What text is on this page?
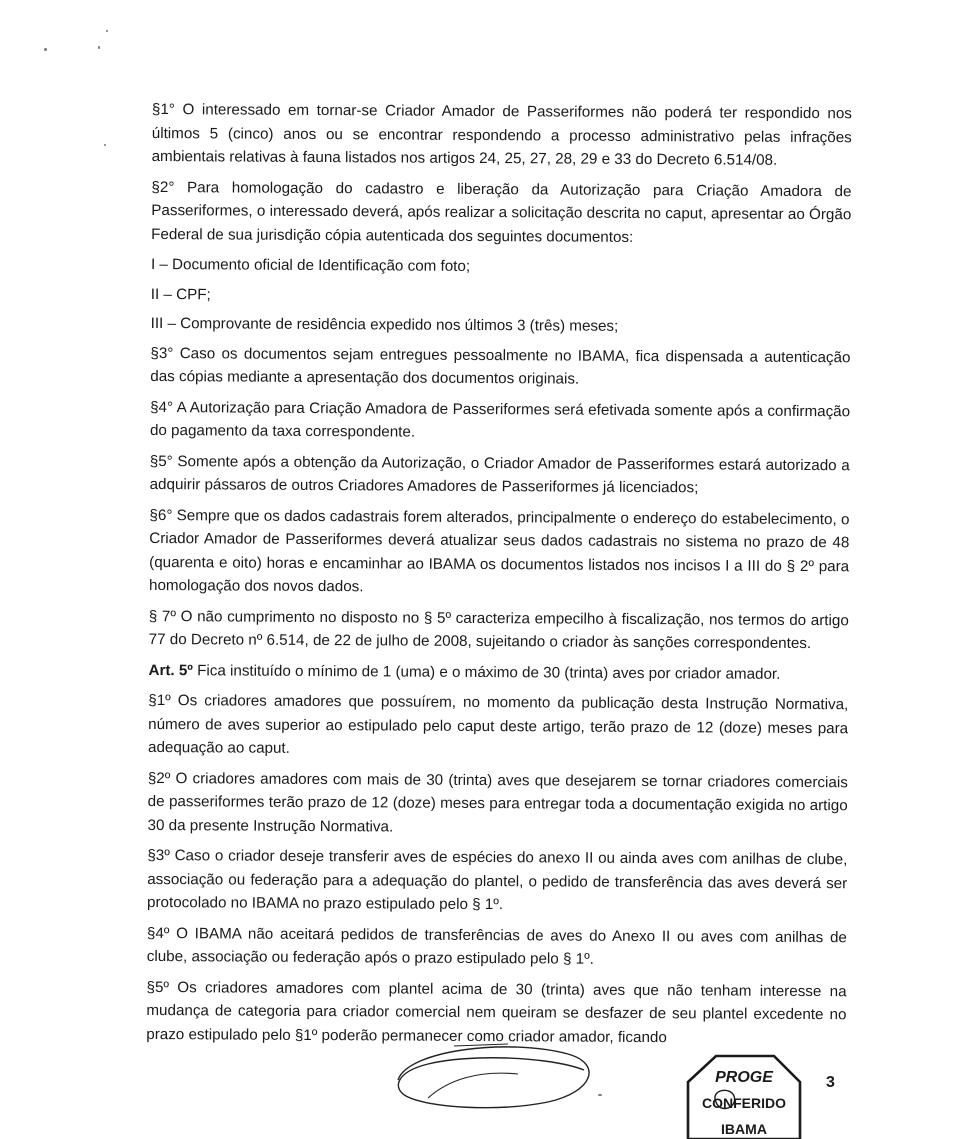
§1° O interessado em tornar-se Criador Amador de Passeriformes não poderá ter respondido nos últimos 5 (cinco) anos ou se encontrar respondendo a processo administrativo pelas infrações ambientais relativas à fauna listados nos artigos 24, 25, 27, 28, 29 e 33 do Decreto 6.514/08.

§2° Para homologação do cadastro e liberação da Autorização para Criação Amadora de Passeriformes, o interessado deverá, após realizar a solicitação descrita no caput, apresentar ao Órgão Federal de sua jurisdição cópia autenticada dos seguintes documentos:

I – Documento oficial de Identificação com foto;

II – CPF;

III – Comprovante de residência expedido nos últimos 3 (três) meses;

§3° Caso os documentos sejam entregues pessoalmente no IBAMA, fica dispensada a autenticação das cópias mediante a apresentação dos documentos originais.

§4° A Autorização para Criação Amadora de Passeriformes será efetivada somente após a confirmação do pagamento da taxa correspondente.

§5° Somente após a obtenção da Autorização, o Criador Amador de Passeriformes estará autorizado a adquirir pássaros de outros Criadores Amadores de Passeriformes já licenciados;

§6° Sempre que os dados cadastrais forem alterados, principalmente o endereço do estabelecimento, o Criador Amador de Passeriformes deverá atualizar seus dados cadastrais no sistema no prazo de 48 (quarenta e oito) horas e encaminhar ao IBAMA os documentos listados nos incisos I a III do § 2º para homologação dos novos dados.

§ 7º O não cumprimento no disposto no § 5º caracteriza empecilho à fiscalização, nos termos do artigo 77 do Decreto nº 6.514, de 22 de julho de 2008, sujeitando o criador às sanções correspondentes.

Art. 5º Fica instituído o mínimo de 1 (uma) e o máximo de 30 (trinta) aves por criador amador.

§1º Os criadores amadores que possuírem, no momento da publicação desta Instrução Normativa, número de aves superior ao estipulado pelo caput deste artigo, terão prazo de 12 (doze) meses para adequação ao caput.

§2º O criadores amadores com mais de 30 (trinta) aves que desejarem se tornar criadores comerciais de passeriformes terão prazo de 12 (doze) meses para entregar toda a documentação exigida no artigo 30 da presente Instrução Normativa.

§3º Caso o criador deseje transferir aves de espécies do anexo II ou ainda aves com anilhas de clube, associação ou federação para a adequação do plantel, o pedido de transferência das aves deverá ser protocolado no IBAMA no prazo estipulado pelo § 1º.

§4º O IBAMA não aceitará pedidos de transferências de aves do Anexo II ou aves com anilhas de clube, associação ou federação após o prazo estipulado pelo § 1º.

§5º Os criadores amadores com plantel acima de 30 (trinta) aves que não tenham interesse na mudança de categoria para criador comercial nem queiram se desfazer de seu plantel excedente no prazo estipulado pelo §1º poderão permanecer como criador amador, ficando

PROGE
CONFERIDO
IBAMA
3
